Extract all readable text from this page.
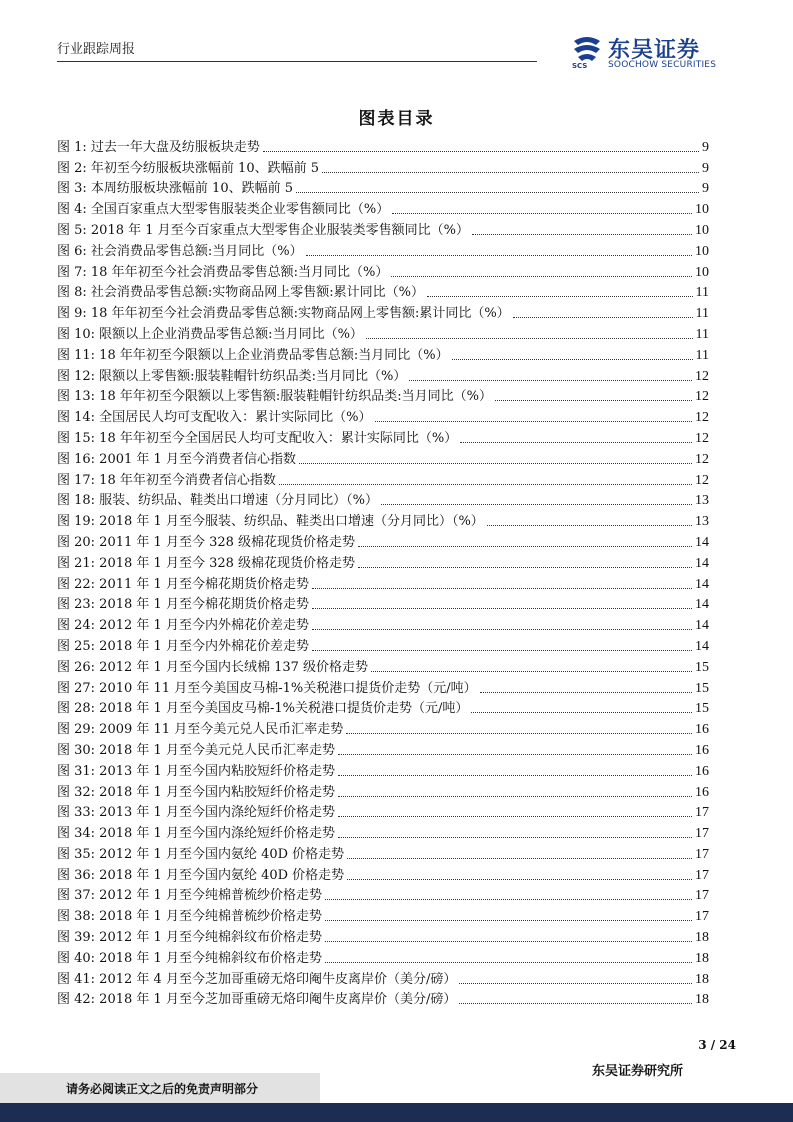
行业跟踪周报
SCS
东吴证券
SOOCHOW SECURITIES
图表目录
图 1: 过去一年大盘及纺服板块走势	9
图 2: 年初至今纺服板块涨幅前 10、跌幅前 5	9
图 3: 本周纺服板块涨幅前 10、跌幅前 5	9
图 4: 全国百家重点大型零售服装类企业零售额同比（%）	10
图 5: 2018 年 1 月至今百家重点大型零售企业服装类零售额同比（%）	10
图 6: 社会消费品零售总额:当月同比（%）	10
图 7: 18 年年初至今社会消费品零售总额:当月同比（%）	10
图 8: 社会消费品零售总额:实物商品网上零售额:累计同比（%）	11
图 9: 18 年年初至今社会消费品零售总额:实物商品网上零售额:累计同比（%）	11
图 10: 限额以上企业消费品零售总额:当月同比（%）	11
图 11: 18 年年初至今限额以上企业消费品零售总额:当月同比（%）	11
图 12: 限额以上零售额:服装鞋帽针纺织品类:当月同比（%）	12
图 13: 18 年年初至今限额以上零售额:服装鞋帽针纺织品类:当月同比（%）	12
图 14: 全国居民人均可支配收入：累计实际同比（%）	12
图 15: 18 年年初至今全国居民人均可支配收入：累计实际同比（%）	12
图 16: 2001 年 1 月至今消费者信心指数	12
图 17: 18 年年初至今消费者信心指数	12
图 18: 服装、纺织品、鞋类出口增速（分月同比）（%）	13
图 19: 2018 年 1 月至今服装、纺织品、鞋类出口增速（分月同比）（%）	13
图 20: 2011 年 1 月至今 328 级棉花现货价格走势	14
图 21: 2018 年 1 月至今 328 级棉花现货价格走势	14
图 22: 2011 年 1 月至今棉花期货价格走势	14
图 23: 2018 年 1 月至今棉花期货价格走势	14
图 24: 2012 年 1 月至今内外棉花价差走势	14
图 25: 2018 年 1 月至今内外棉花价差走势	14
图 26: 2012 年 1 月至今国内长绒棉 137 级价格走势	15
图 27: 2010 年 11 月至今美国皮马棉-1%关税港口提货价走势（元/吨）	15
图 28: 2018 年 1 月至今美国皮马棉-1%关税港口提货价走势（元/吨）	15
图 29: 2009 年 11 月至今美元兑人民币汇率走势	16
图 30: 2018 年 1 月至今美元兑人民币汇率走势	16
图 31: 2013 年 1 月至今国内粘胶短纤价格走势	16
图 32: 2018 年 1 月至今国内粘胶短纤价格走势	16
图 33: 2013 年 1 月至今国内涤纶短纤价格走势	17
图 34: 2018 年 1 月至今国内涤纶短纤价格走势	17
图 35: 2012 年 1 月至今国内氨纶 40D 价格走势	17
图 36: 2018 年 1 月至今国内氨纶 40D 价格走势	17
图 37: 2012 年 1 月至今纯棉普梳纱价格走势	17
图 38: 2018 年 1 月至今纯棉普梳纱价格走势	17
图 39: 2012 年 1 月至今纯棉斜纹布价格走势	18
图 40: 2018 年 1 月至今纯棉斜纹布价格走势	18
图 41: 2012 年 4 月至今芝加哥重磅无烙印阉牛皮离岸价（美分/磅）	18
图 42: 2018 年 1 月至今芝加哥重磅无烙印阉牛皮离岸价（美分/磅）	18
3 / 24
东吴证券研究所
请务必阅读正文之后的免责声明部分
